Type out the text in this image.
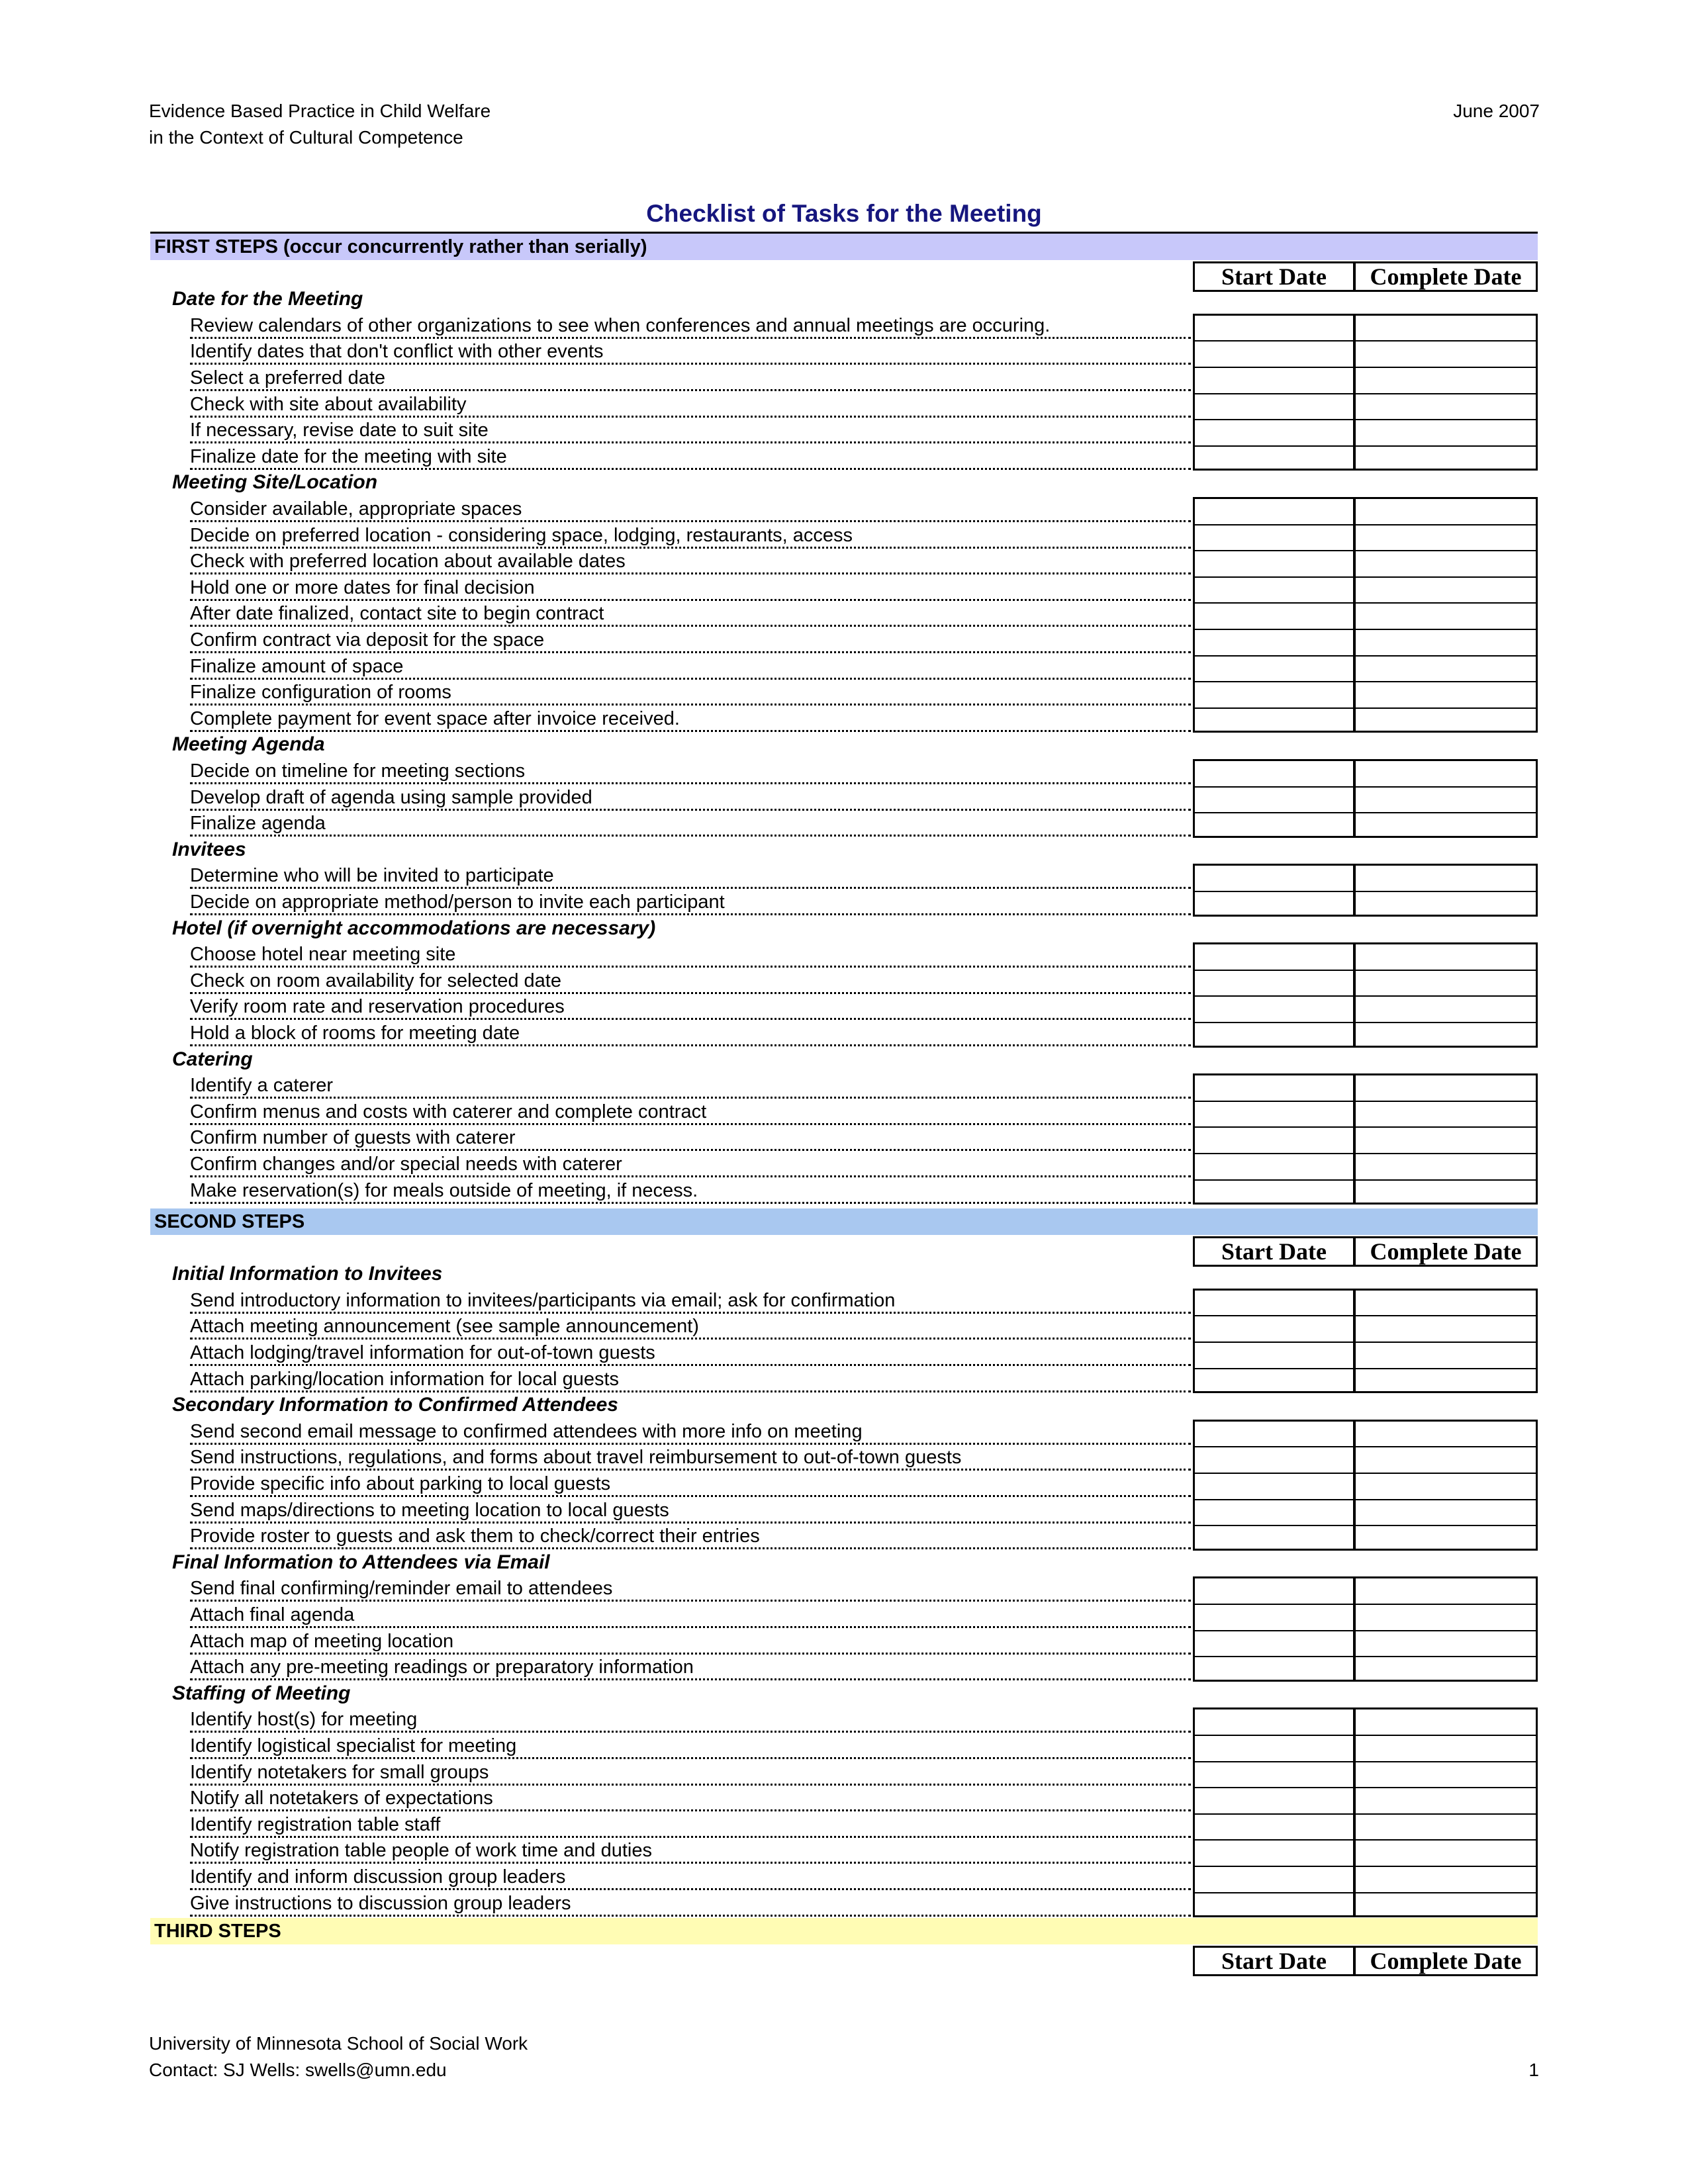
Evidence Based Practice in Child Welfare
in the Context of Cultural Competence
June 2007
Checklist of Tasks for the Meeting
FIRST STEPS (occur concurrently rather than serially)
Start Date	Complete Date
Date for the Meeting
Review calendars of other organizations to see when conferences and annual meetings are occuring.
Identify dates that don't conflict with other events
Select a preferred date
Check with site about availability
If necessary, revise date to suit site
Finalize date for the meeting with site
Meeting Site/Location
Consider available, appropriate spaces
Decide on preferred location - considering space, lodging, restaurants, access
Check with preferred location about available dates
Hold one or more dates for final decision
After date finalized, contact site to begin contract
Confirm contract via deposit for the space
Finalize amount of space
Finalize configuration of rooms
Complete payment for event space after invoice received.
Meeting Agenda
Decide on timeline for meeting sections
Develop draft of agenda using sample provided
Finalize agenda
Invitees
Determine who will be invited to participate
Decide on appropriate method/person to invite each participant
Hotel (if overnight accommodations are necessary)
Choose hotel near meeting site
Check on room availability for selected date
Verify room rate and reservation procedures
Hold a block of rooms for meeting date
Catering
Identify a caterer
Confirm menus and costs with caterer and complete contract
Confirm number of guests with caterer
Confirm changes and/or special needs with caterer
Make reservation(s) for meals outside of meeting, if necess.
SECOND STEPS
Start Date	Complete Date
Initial Information to Invitees
Send introductory information to invitees/participants via email; ask for confirmation
Attach meeting announcement (see sample announcement)
Attach lodging/travel information for out-of-town guests
Attach parking/location information for local guests
Secondary Information to Confirmed Attendees
Send second email message to confirmed attendees with more info on meeting
Send instructions, regulations, and forms about travel reimbursement to out-of-town guests
Provide specific info about parking to local guests
Send maps/directions to meeting location to local guests
Provide roster to guests and ask them to check/correct their entries
Final Information to Attendees via Email
Send final confirming/reminder email to attendees
Attach final agenda
Attach map of meeting location
Attach any pre-meeting readings or preparatory information
Staffing of Meeting
Identify host(s) for meeting
Identify logistical specialist for meeting
Identify notetakers for small groups
Notify all notetakers of expectations
Identify registration table staff
Notify registration table people of work time and duties
Identify and inform discussion group leaders
Give instructions to discussion group leaders
THIRD STEPS
Start Date	Complete Date
University of Minnesota School of Social Work
Contact: SJ Wells: swells@umn.edu	1
